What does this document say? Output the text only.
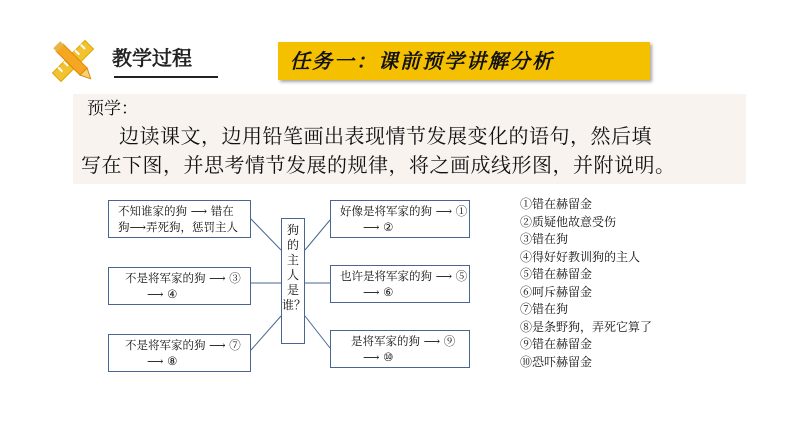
教学过程	任务一：课前预学讲解分析
预学：
边读课文，边用铅笔画出表现情节发展变化的语句，然后填
写在下图，并思考情节发展的规律，将之画成线形图，并附说明。
不知谁家的狗 ⟶ 错在
狗⟶弄死狗，惩罚主人
不是将军家的狗 ⟶ ③
⟶ ④
不是将军家的狗 ⟶ ⑦
⟶ ⑧
狗的主人是谁？
好像是将军家的狗 ⟶ ①
⟶ ②
也许是将军家的狗 ⟶ ⑤
⟶ ⑥
是将军家的狗 ⟶ ⑨
⟶ ⑩
①错在赫留金
②质疑他故意受伤
③错在狗
④得好好教训狗的主人
⑤错在赫留金
⑥呵斥赫留金
⑦错在狗
⑧是条野狗，弄死它算了
⑨错在赫留金
⑩恐吓赫留金
